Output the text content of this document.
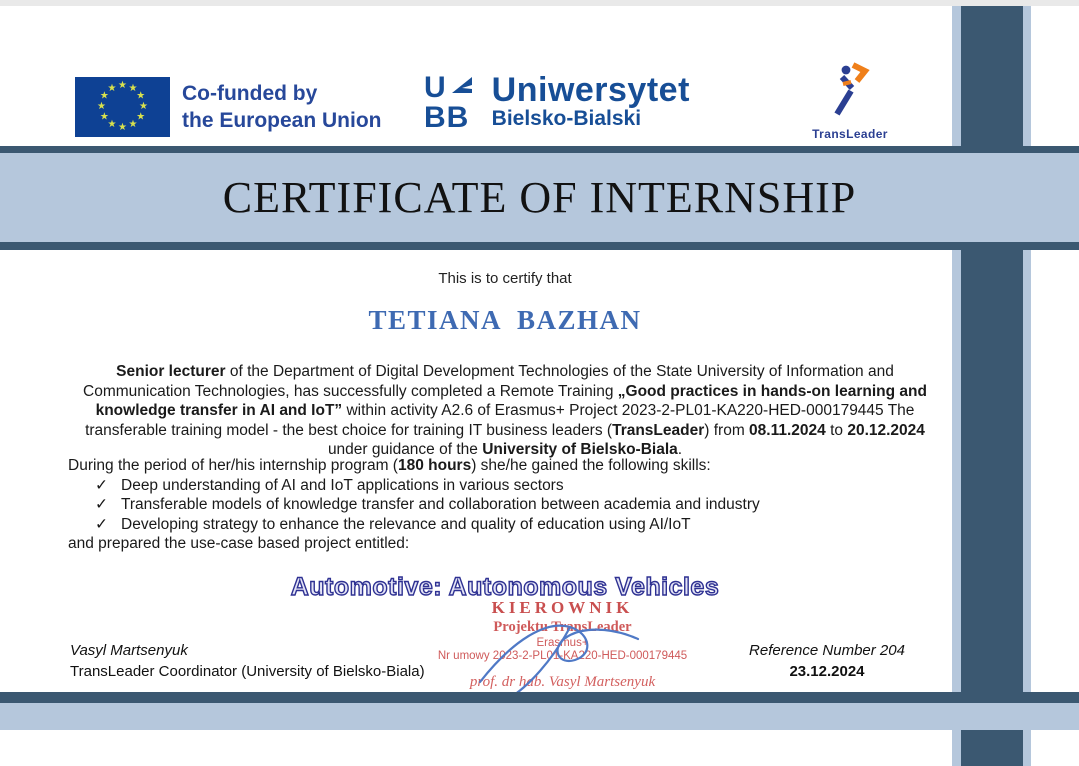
★ ★
★
★
★
★
★
★
★
★
★
★	Co-funded by
the European Union
U
BB
Uniwersytet
Bielsko-Bialski
TransLeader
CERTIFICATE OF INTERNSHIP
This is to certify that
TETIANA  BAZHAN
Senior lecturer of the Department of Digital Development Technologies of the State University of Information and Communication Technologies, has successfully completed a Remote Training „Good practices in hands-on learning and knowledge transfer in AI and IoT” within activity A2.6 of Erasmus+ Project 2023-2-PL01-KA220-HED-000179445 The transferable training model - the best choice for training IT business leaders (TransLeader) from 08.11.2024 to 20.12.2024 under guidance of the University of Bielsko-Biala.
During the period of her/his internship program (180 hours) she/he gained the following skills:
✓ Deep understanding of AI and IoT applications in various sectors
✓ Transferable models of knowledge transfer and collaboration between academia and industry
✓ Developing strategy to enhance the relevance and quality of education using AI/IoT
and prepared the use-case based project entitled:
Automotive: Autonomous Vehicles
KIEROWNIK
Projektu TransLeader
Erasmus+
Nr umowy 2023-2-PL01-KA220-HED-000179445
prof. dr hab. Vasyl Martsenyuk
Vasyl Martsenyuk
TransLeader Coordinator (University of Bielsko-Biala)
Reference Number 204
23.12.2024
